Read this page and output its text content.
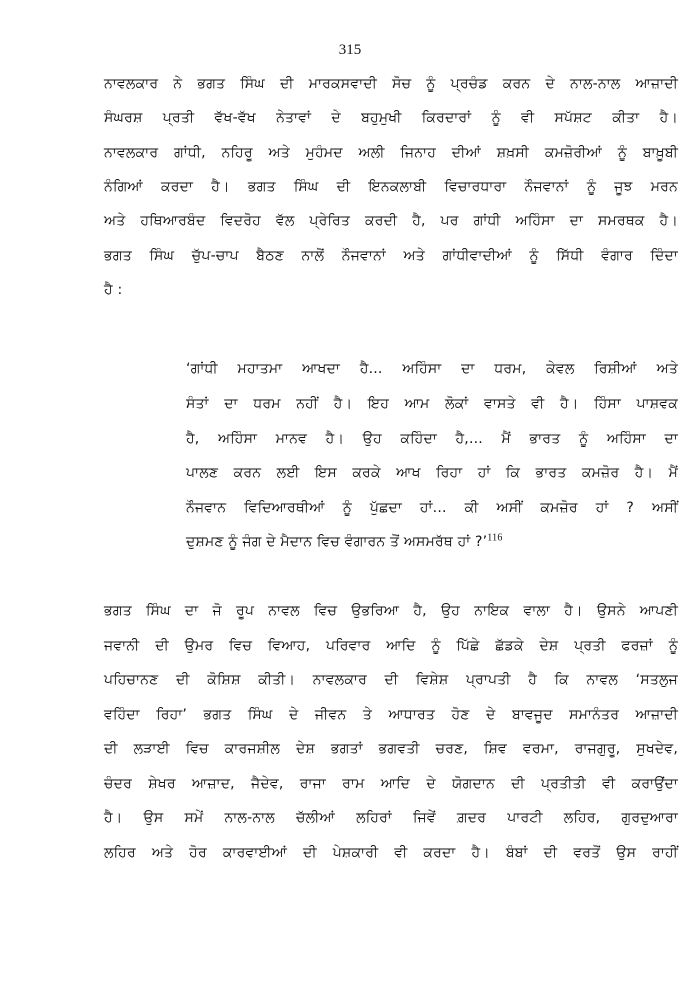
315
ਨਾਵਲਕਾਰ ਨੇ ਭਗਤ ਸਿੰਘ ਦੀ ਮਾਰਕਸਵਾਦੀ ਸੋਚ ਨੂੰ ਪ੍ਰਚੰਡ ਕਰਨ ਦੇ ਨਾਲ-ਨਾਲ ਆਜ਼ਾਦੀ
ਸੰਘਰਸ਼ ਪ੍ਰਤੀ ਵੱਖ-ਵੱਖ ਨੇਤਾਵਾਂ ਦੇ ਬਹੁਮੁਖੀ ਕਿਰਦਾਰਾਂ ਨੂੰ ਵੀ ਸਪੱਸ਼ਟ ਕੀਤਾ ਹੈ।
ਨਾਵਲਕਾਰ ਗਾਂਧੀ, ਨਹਿਰੂ ਅਤੇ ਮੁਹੰਮਦ ਅਲੀ ਜਿਨਾਹ ਦੀਆਂ ਸ਼ਖ਼ਸੀ ਕਮਜ਼ੋਰੀਆਂ ਨੂੰ ਬਾਖ਼ੂਬੀ
ਨੰਗਿਆਂ ਕਰਦਾ ਹੈ। ਭਗਤ ਸਿੰਘ ਦੀ ਇਨਕਲਾਬੀ ਵਿਚਾਰਧਾਰਾ ਨੌਜਵਾਨਾਂ ਨੂੰ ਜੂਝ ਮਰਨ
ਅਤੇ ਹਥਿਆਰਬੰਦ ਵਿਦਰੋਹ ਵੱਲ ਪ੍ਰੇਰਿਤ ਕਰਦੀ ਹੈ, ਪਰ ਗਾਂਧੀ ਅਹਿੰਸਾ ਦਾ ਸਮਰਥਕ ਹੈ।
ਭਗਤ ਸਿੰਘ ਚੁੱਪ-ਚਾਪ ਬੈਠਣ ਨਾਲੋਂ ਨੌਜਵਾਨਾਂ ਅਤੇ ਗਾਂਧੀਵਾਦੀਆਂ ਨੂੰ ਸਿੱਧੀ ਵੰਗਾਰ ਦਿੰਦਾ
ਹੈ :
‘ਗਾਂਧੀ ਮਹਾਤਮਾ ਆਖਦਾ ਹੈ... ਅਹਿੰਸਾ ਦਾ ਧਰਮ, ਕੇਵਲ ਰਿਸ਼ੀਆਂ ਅਤੇ
ਸੰਤਾਂ ਦਾ ਧਰਮ ਨਹੀਂ ਹੈ। ਇਹ ਆਮ ਲੋਕਾਂ ਵਾਸਤੇ ਵੀ ਹੈ। ਹਿੰਸਾ ਪਾਸ਼ਵਕ
ਹੈ, ਅਹਿੰਸਾ ਮਾਨਵ ਹੈ। ਉਹ ਕਹਿੰਦਾ ਹੈ,... ਮੈਂ ਭਾਰਤ ਨੂੰ ਅਹਿੰਸਾ ਦਾ
ਪਾਲਣ ਕਰਨ ਲਈ ਇਸ ਕਰਕੇ ਆਖ ਰਿਹਾ ਹਾਂ ਕਿ ਭਾਰਤ ਕਮਜ਼ੋਰ ਹੈ। ਮੈਂ
ਨੌਜਵਾਨ ਵਿਦਿਆਰਥੀਆਂ ਨੂੰ ਪੁੱਛਦਾ ਹਾਂ... ਕੀ ਅਸੀਂ ਕਮਜ਼ੋਰ ਹਾਂ ? ਅਸੀਂ
ਦੁਸ਼ਮਣ ਨੂੰ ਜੰਗ ਦੇ ਮੈਦਾਨ ਵਿਚ ਵੰਗਾਰਨ ਤੋਂ ਅਸਮਰੱਥ ਹਾਂ ?’$^{116}$
ਭਗਤ ਸਿੰਘ ਦਾ ਜੋ ਰੂਪ ਨਾਵਲ ਵਿਚ ਉਭਰਿਆ ਹੈ, ਉਹ ਨਾਇਕ ਵਾਲਾ ਹੈ। ਉਸਨੇ ਆਪਣੀ
ਜਵਾਨੀ ਦੀ ਉਮਰ ਵਿਚ ਵਿਆਹ, ਪਰਿਵਾਰ ਆਦਿ ਨੂੰ ਪਿੱਛੇ ਛੱਡਕੇ ਦੇਸ਼ ਪ੍ਰਤੀ ਫਰਜ਼ਾਂ ਨੂੰ
ਪਹਿਚਾਨਣ ਦੀ ਕੋਸ਼ਿਸ਼ ਕੀਤੀ। ਨਾਵਲਕਾਰ ਦੀ ਵਿਸ਼ੇਸ਼ ਪ੍ਰਾਪਤੀ ਹੈ ਕਿ ਨਾਵਲ ‘ਸਤਲੁਜ
ਵਹਿੰਦਾ ਰਿਹਾ’ ਭਗਤ ਸਿੰਘ ਦੇ ਜੀਵਨ ਤੇ ਆਧਾਰਤ ਹੋਣ ਦੇ ਬਾਵਜੂਦ ਸਮਾਨੰਤਰ ਆਜ਼ਾਦੀ
ਦੀ ਲੜਾਈ ਵਿਚ ਕਾਰਜਸ਼ੀਲ ਦੇਸ਼ ਭਗਤਾਂ ਭਗਵਤੀ ਚਰਣ, ਸ਼ਿਵ ਵਰਮਾ, ਰਾਜਗੁਰੂ, ਸੁਖਦੇਵ,
ਚੰਦਰ ਸ਼ੇਖਰ ਆਜ਼ਾਦ, ਜੈਦੇਵ, ਰਾਜਾ ਰਾਮ ਆਦਿ ਦੇ ਯੋਗਦਾਨ ਦੀ ਪ੍ਰਤੀਤੀ ਵੀ ਕਰਾਉਂਦਾ
ਹੈ। ਉਸ ਸਮੇਂ ਨਾਲ-ਨਾਲ ਚੱਲੀਆਂ ਲਹਿਰਾਂ ਜਿਵੇਂ ਗ਼ਦਰ ਪਾਰਟੀ ਲਹਿਰ, ਗੁਰਦੁਆਰਾ
ਲਹਿਰ ਅਤੇ ਹੋਰ ਕਾਰਵਾਈਆਂ ਦੀ ਪੇਸ਼ਕਾਰੀ ਵੀ ਕਰਦਾ ਹੈ। ਬੰਬਾਂ ਦੀ ਵਰਤੋਂ ਉਸ ਰਾਹੀਂ
